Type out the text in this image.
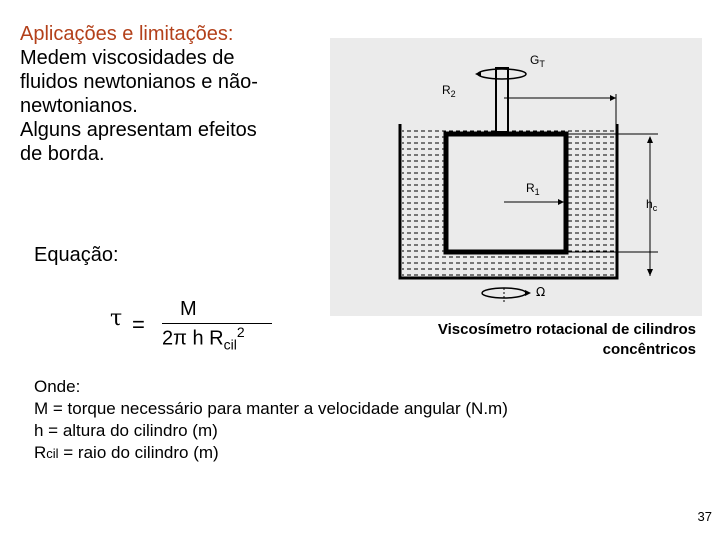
Aplicações e limitações:
Medem viscosidades de
fluidos newtonianos e não-
newtonianos.
Alguns apresentam efeitos
de borda.
Equação:
τ =
M
2π h $R_{cil}^2$
$G_T$
$R_2$
$R_1$
$h_c$
Ω
Viscosímetro rotacional de cilindros
concêntricos
Onde:
M = torque necessário para manter a velocidade angular (N.m)
h = altura do cilindro (m)
Rcil = raio do cilindro (m)
37
